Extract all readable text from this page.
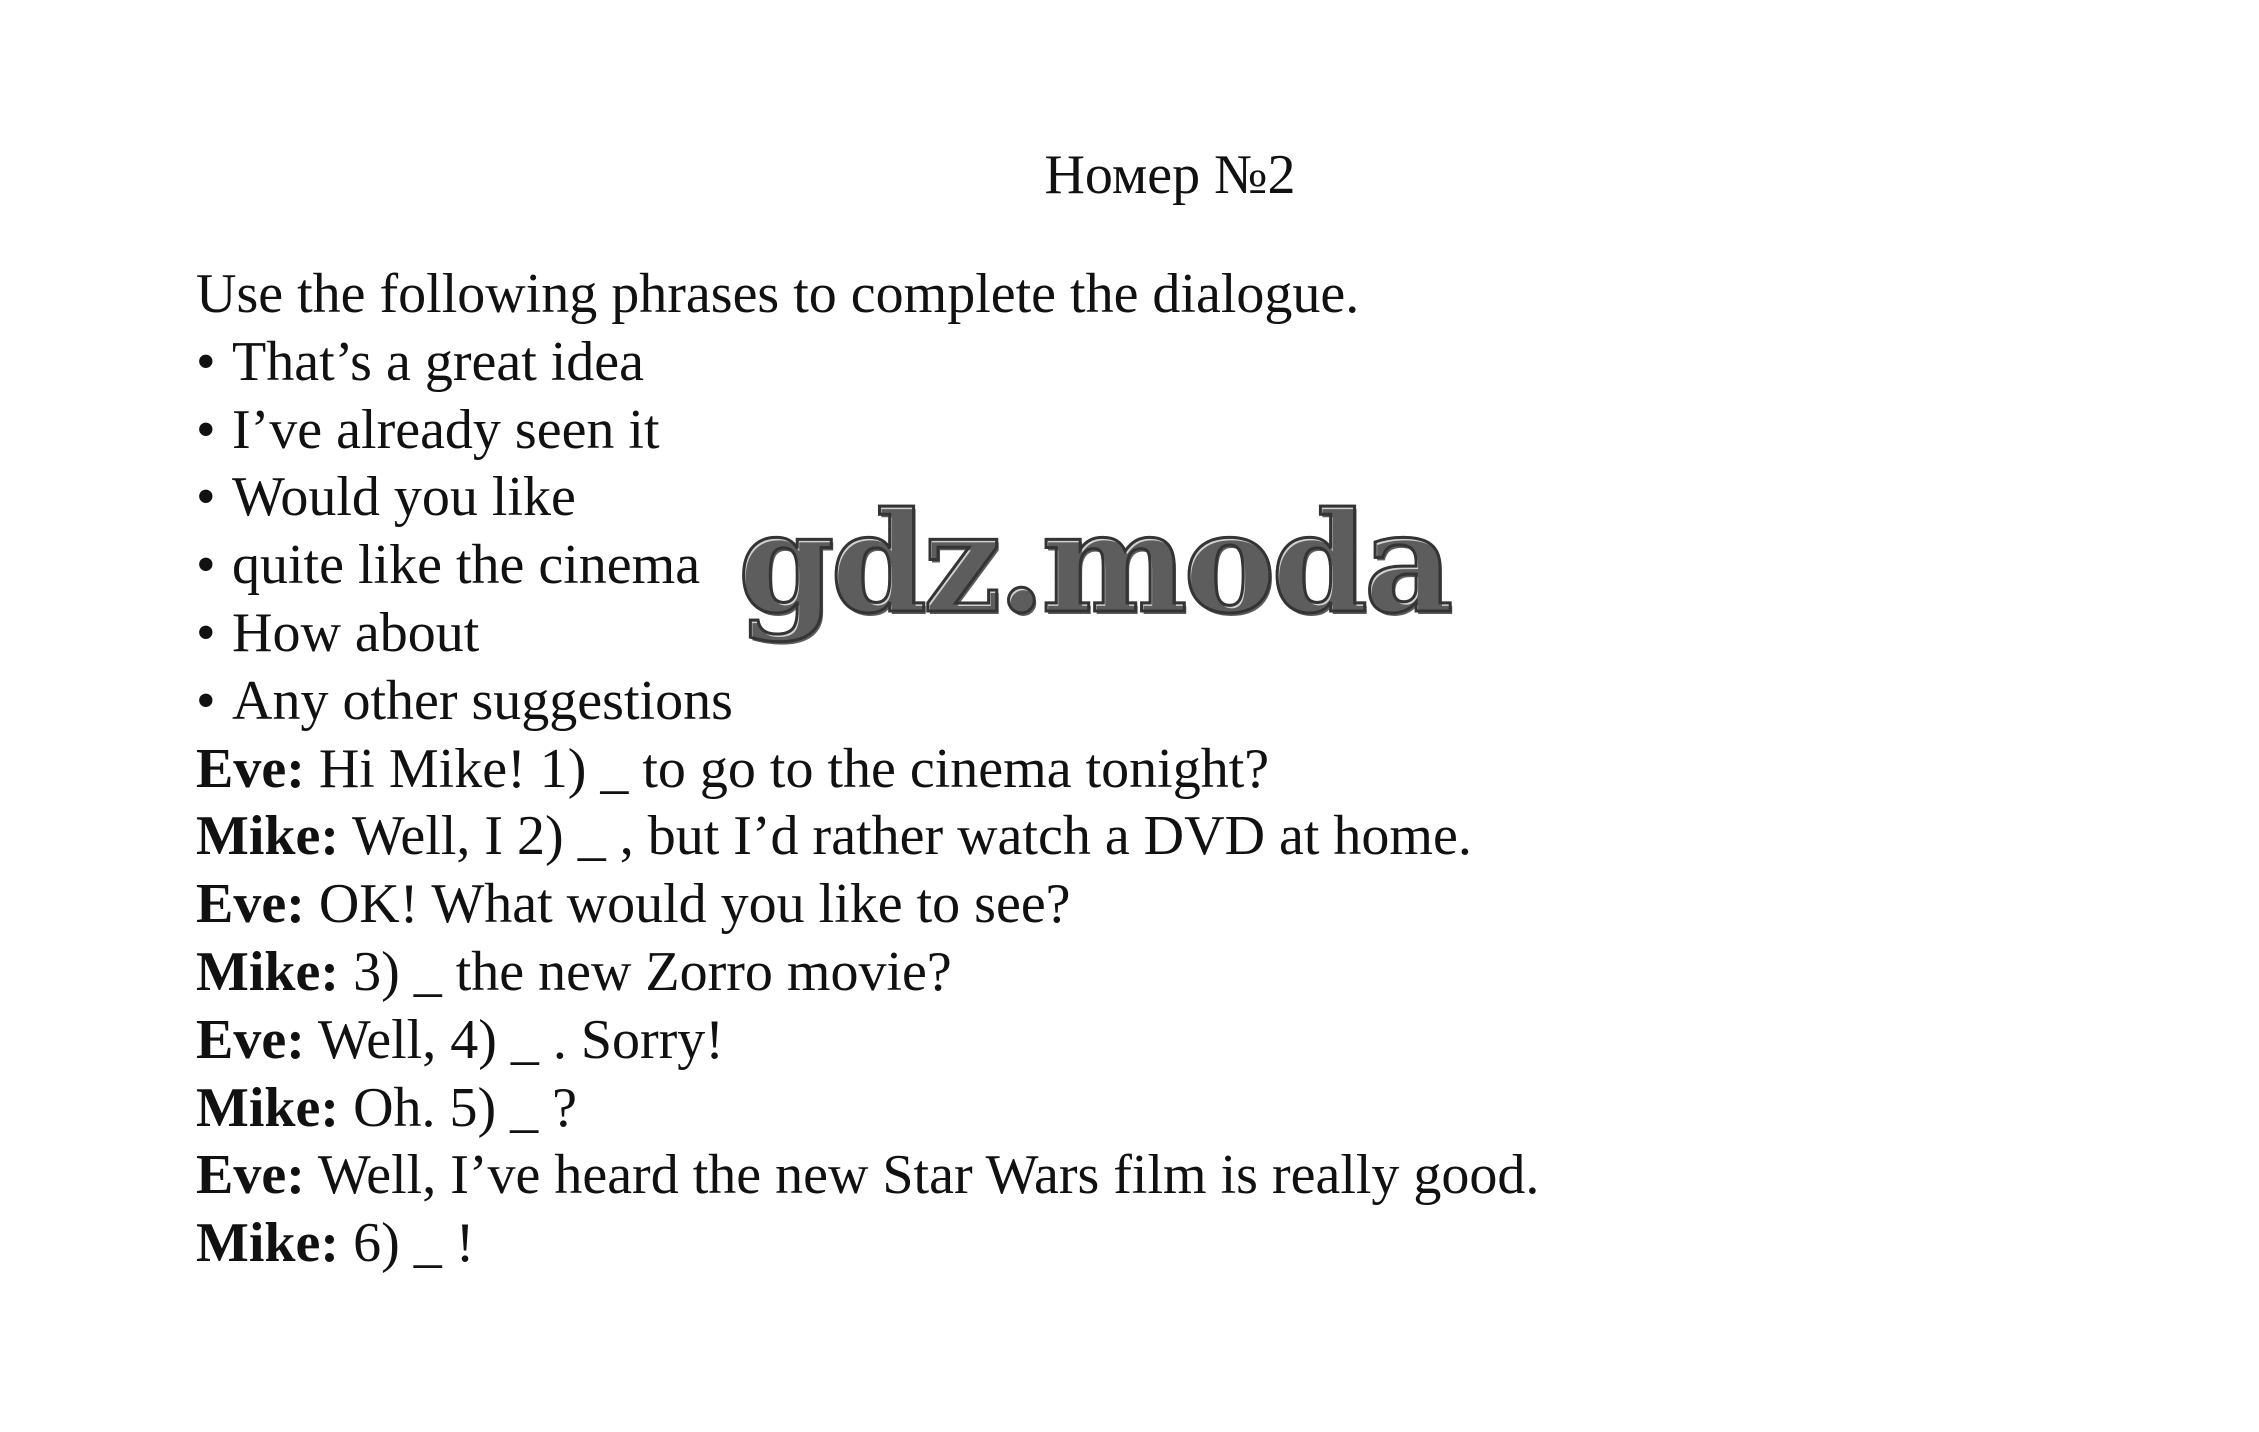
Номер №2
Use the following phrases to complete the dialogue.
• That’s a great idea
• I’ve already seen it
• Would you like
• quite like the cinema
• How about
• Any other suggestions
Eve: Hi Mike! 1) _ to go to the cinema tonight?
Mike: Well, I 2) _ , but I’d rather watch a DVD at home.
Eve: OK! What would you like to see?
Mike: 3) _ the new Zorro movie?
Eve: Well, 4) _ . Sorry!
Mike: Oh. 5) _ ?
Eve: Well, I’ve heard the new Star Wars film is really good.
Mike: 6) _ !
gdz.moda
